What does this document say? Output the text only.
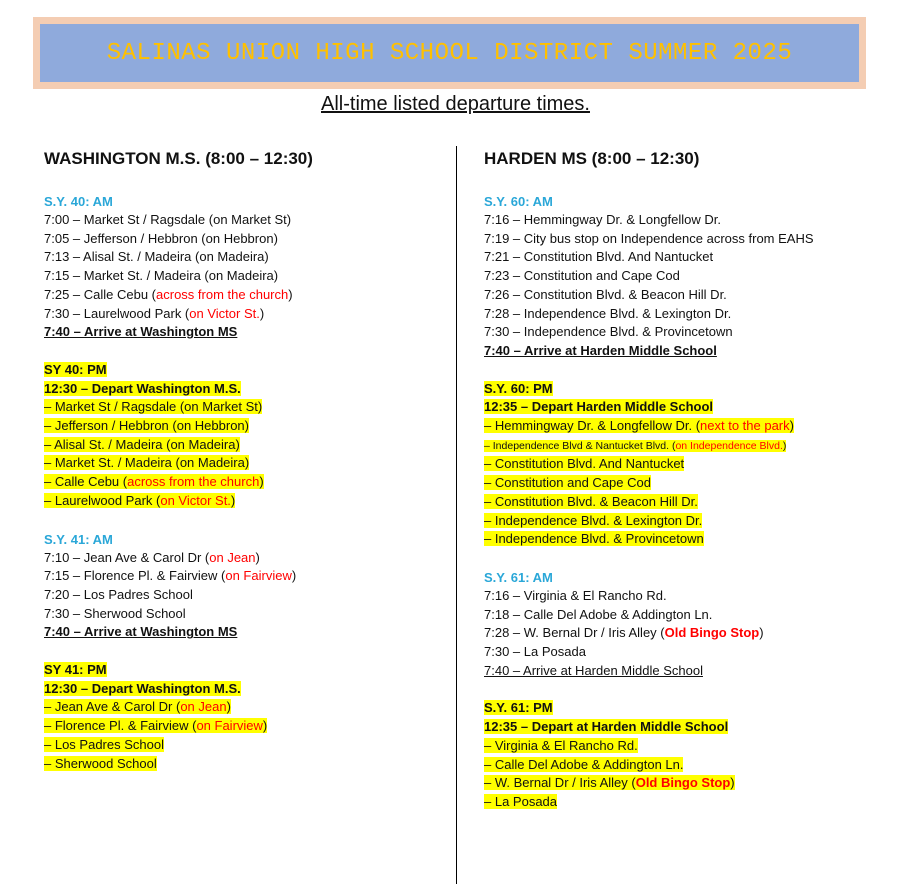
SALINAS UNION HIGH SCHOOL DISTRICT SUMMER 2025
All-time listed departure times.
WASHINGTON M.S. (8:00 – 12:30)
S.Y. 40: AM
7:00 – Market St / Ragsdale (on Market St)
7:05 – Jefferson / Hebbron (on Hebbron)
7:13 – Alisal St. / Madeira (on Madeira)
7:15 – Market St. / Madeira (on Madeira)
7:25 – Calle Cebu (across from the church)
7:30 – Laurelwood Park (on Victor St.)
7:40 – Arrive at Washington MS
SY 40: PM
12:30 – Depart Washington M.S.
– Market St / Ragsdale (on Market St)
– Jefferson / Hebbron (on Hebbron)
– Alisal St. / Madeira (on Madeira)
– Market St. / Madeira (on Madeira)
– Calle Cebu (across from the church)
– Laurelwood Park (on Victor St.)
S.Y. 41: AM
7:10 – Jean Ave & Carol Dr (on Jean)
7:15 – Florence Pl. & Fairview (on Fairview)
7:20 – Los Padres School
7:30 – Sherwood School
7:40 – Arrive at Washington MS
SY 41: PM
12:30 – Depart Washington M.S.
– Jean Ave & Carol Dr (on Jean)
– Florence Pl. & Fairview (on Fairview)
– Los Padres School
– Sherwood School
HARDEN MS (8:00 – 12:30)
S.Y. 60: AM
7:16 – Hemmingway Dr. & Longfellow Dr.
7:19 – City bus stop on Independence across from EAHS
7:21 – Constitution Blvd. And Nantucket
7:23 – Constitution and Cape Cod
7:26 – Constitution Blvd. & Beacon Hill Dr.
7:28 – Independence Blvd. & Lexington Dr.
7:30 – Independence Blvd. & Provincetown
7:40 – Arrive at Harden Middle School
S.Y. 60: PM
12:35 – Depart Harden Middle School
– Hemmingway Dr. & Longfellow Dr. (next to the park)
– Independence Blvd & Nantucket Blvd. (on Independence Blvd.)
– Constitution Blvd. And Nantucket
– Constitution and Cape Cod
– Constitution Blvd. & Beacon Hill Dr.
– Independence Blvd. & Lexington Dr.
– Independence Blvd. & Provincetown
S.Y. 61: AM
7:16 – Virginia & El Rancho Rd.
7:18 – Calle Del Adobe & Addington Ln.
7:28 – W. Bernal Dr / Iris Alley (Old Bingo Stop)
7:30 – La Posada
7:40 – Arrive at Harden Middle School
S.Y. 61: PM
12:35 – Depart at Harden Middle School
– Virginia & El Rancho Rd.
– Calle Del Adobe & Addington Ln.
– W. Bernal Dr / Iris Alley (Old Bingo Stop)
– La Posada
